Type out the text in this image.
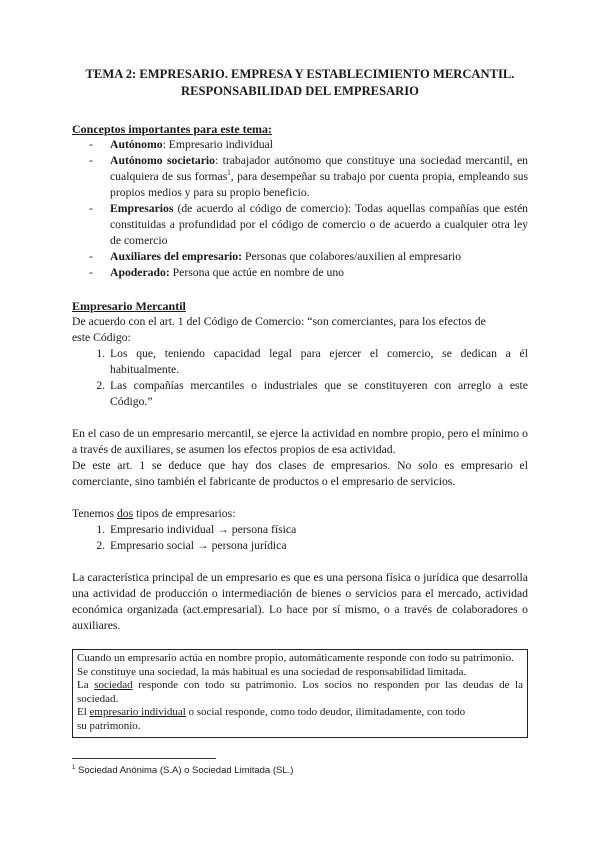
TEMA 2: EMPRESARIO. EMPRESA Y ESTABLECIMIENTO MERCANTIL.
RESPONSABILIDAD DEL EMPRESARIO

Conceptos importantes para este tema:
- Autónomo: Empresario individual
- Autónomo societario: trabajador autónomo que constituye una sociedad mercantil, en cualquiera de sus formas$^1$, para desempeñar su trabajo por cuenta propia, empleando sus propios medios y para su propio beneficio.
- Empresarios (de acuerdo al código de comercio): Todas aquellas compañías que estén constituidas a profundidad por el código de comercio o de acuerdo a cualquier otra ley de comercio
- Auxiliares del empresario: Personas que colabores/auxilien al empresario
- Apoderado: Persona que actúe en nombre de uno
Empresario Mercantil

De acuerdo con el art. 1 del Código de Comercio: “son comerciantes, para los efectos de
este Código:

1. Los que, teniendo capacidad legal para ejercer el comercio, se dedican a él habitualmente.
2. Las compañías mercantiles o industriales que se constituyeren con arreglo a este Código.”

En el caso de un empresario mercantil, se ejerce la actividad en nombre propio, pero el mínimo o a través de auxiliares, se asumen los efectos propios de esa actividad.

De este art. 1 se deduce que hay dos clases de empresarios. No solo es empresario el comerciante, sino también el fabricante de productos o el empresario de servicios.

Tenemos dos tipos de empresarios:

1. Empresario individual → persona física
2. Empresario social → persona jurídica

La característica principal de un empresario es que es una persona física o jurídica que desarrolla una actividad de producción o intermediación de bienes o servicios para el mercado, actividad económica organizada (act.empresarial). Lo hace por sí mismo, o a través de colaboradores o auxiliares.

Cuando un empresario actúa en nombre propio, automáticamente responde con todo su patrimonio.

Se constituye una sociedad, la más habitual es una sociedad de responsabilidad limitada.

La sociedad responde con todo su patrimonio. Los socios no responden por las deudas de la sociedad.

El empresario individual o social responde, como todo deudor, ilimitadamente, con todo

su patrimonio.

$^1$ Sociedad Anónima (S.A) o Sociedad Limitada (SL.)
